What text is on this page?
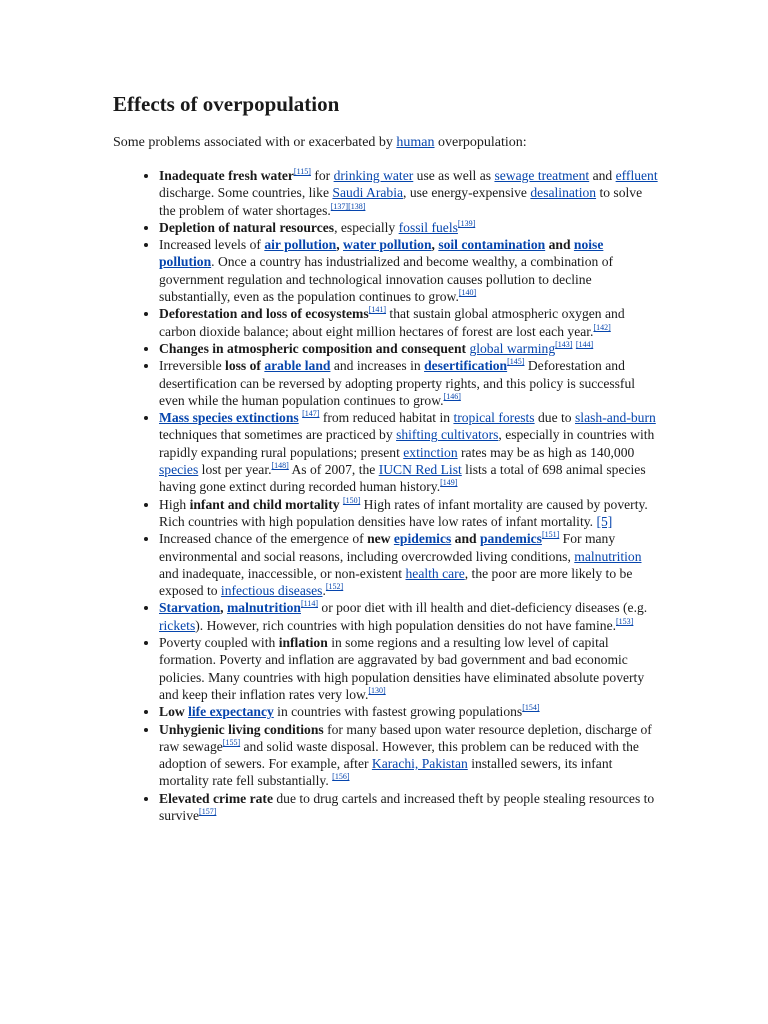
Effects of overpopulation

Some problems associated with or exacerbated by human overpopulation:

• Inadequate fresh water[115] for drinking water use as well as sewage treatment and effluent discharge. Some countries, like Saudi Arabia, use energy-expensive desalination to solve the problem of water shortages.[137][138]
• Depletion of natural resources, especially fossil fuels[139]
• Increased levels of air pollution, water pollution, soil contamination and noise pollution. Once a country has industrialized and become wealthy, a combination of government regulation and technological innovation causes pollution to decline substantially, even as the population continues to grow.[140]
• Deforestation and loss of ecosystems[141] that sustain global atmospheric oxygen and carbon dioxide balance; about eight million hectares of forest are lost each year.[142]
• Changes in atmospheric composition and consequent global warming[143] [144]
• Irreversible loss of arable land and increases in desertification[145] Deforestation and desertification can be reversed by adopting property rights, and this policy is successful even while the human population continues to grow.[146]
• Mass species extinctions [147] from reduced habitat in tropical forests due to slash-and-burn techniques that sometimes are practiced by shifting cultivators, especially in countries with rapidly expanding rural populations; present extinction rates may be as high as 140,000 species lost per year.[148] As of 2007, the IUCN Red List lists a total of 698 animal species having gone extinct during recorded human history.[149]
• High infant and child mortality [150] High rates of infant mortality are caused by poverty. Rich countries with high population densities have low rates of infant mortality. [5]
• Increased chance of the emergence of new epidemics and pandemics[151] For many environmental and social reasons, including overcrowded living conditions, malnutrition and inadequate, inaccessible, or non-existent health care, the poor are more likely to be exposed to infectious diseases.[152]
• Starvation, malnutrition[114] or poor diet with ill health and diet-deficiency diseases (e.g. rickets). However, rich countries with high population densities do not have famine.[153]
• Poverty coupled with inflation in some regions and a resulting low level of capital formation. Poverty and inflation are aggravated by bad government and bad economic policies. Many countries with high population densities have eliminated absolute poverty and keep their inflation rates very low.[130]
• Low life expectancy in countries with fastest growing populations[154]
• Unhygienic living conditions for many based upon water resource depletion, discharge of raw sewage[155] and solid waste disposal. However, this problem can be reduced with the adoption of sewers. For example, after Karachi, Pakistan installed sewers, its infant mortality rate fell substantially. [156]
• Elevated crime rate due to drug cartels and increased theft by people stealing resources to survive[157]
